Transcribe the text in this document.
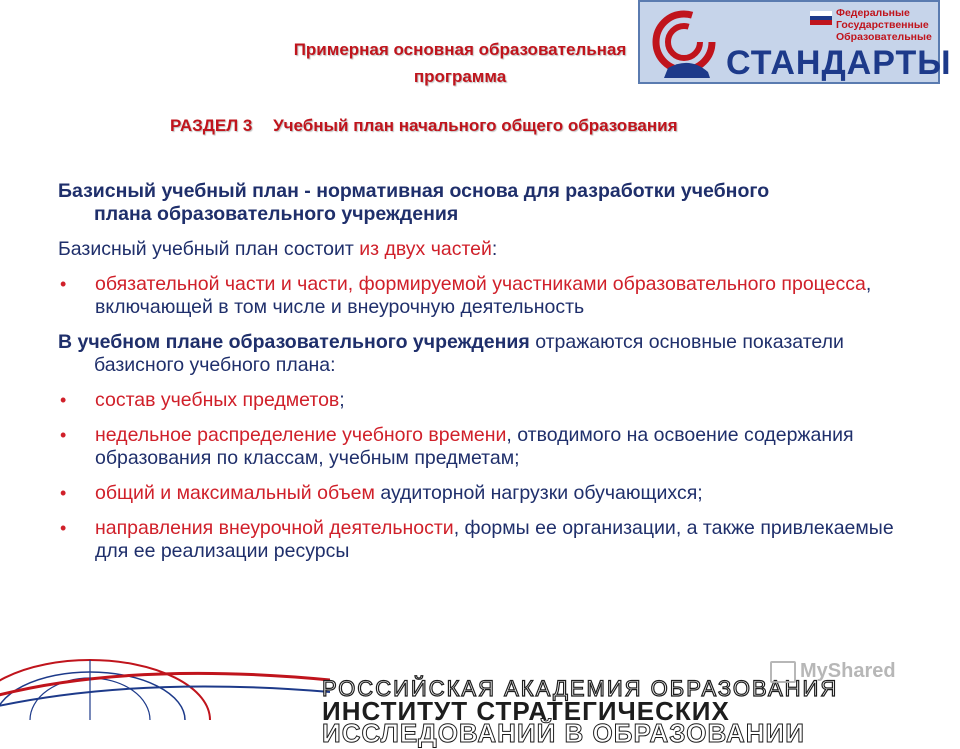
Примерная основная образовательная
программа
Федеральные
Государственные
Образовательные
СТАНДАРТЫ
РАЗДЕЛ 3 Учебный план начального общего образования

Базисный учебный план - нормативная основа для разработки учебного
плана образовательного учреждения

Базисный учебный план состоит из двух частей:

• обязательной части и части, формируемой участниками образовательного процесса, включающей в том числе и внеурочную деятельность

В учебном плане образовательного учреждения отражаются основные показатели базисного учебного плана:

• состав учебных предметов;
• недельное распределение учебного времени, отводимого на освоение содержания образования по классам, учебным предметам;
• общий и максимальный объем аудиторной нагрузки обучающихся;
• направления внеурочной деятельности, формы ее организации, а также привлекаемые для ее реализации ресурсы
РОССИЙСКАЯ АКАДЕМИЯ ОБРАЗОВАНИЯ
ИНСТИТУТ СТРАТЕГИЧЕСКИХ
ИССЛЕДОВАНИЙ В ОБРАЗОВАНИИ
MyShared
